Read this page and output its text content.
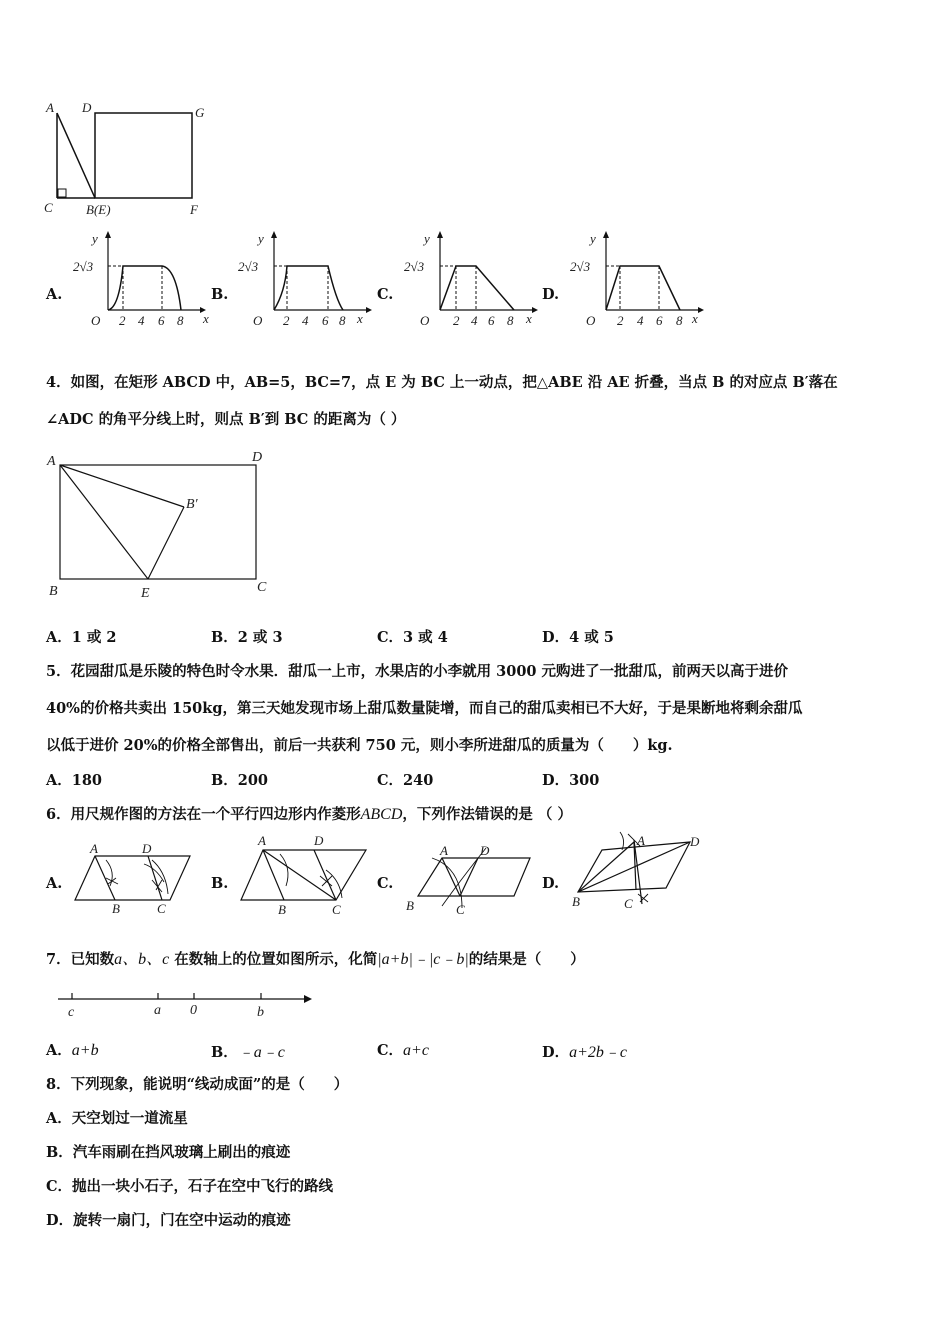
A D	G
C	B(E)	F
A.	B.	C.	D.
y
x
O
2√3
2 4 6 8
y
x
O
2√3
2 4 6 8
y
x
O
2√3
2 4 6 8
y
x
O
2√3
2 4 6 8
4．如图，在矩形 ABCD 中，AB=5，BC=7，点 E 为 BC 上一动点，把△ABE 沿 AE 折叠，当点 B 的对应点 B′落在
∠ADC 的角平分线上时，则点 B′到 BC 的距离为（ ）
A	D
B′
B	E	C
A．1 或 2	B．2 或 3	C．3 或 4	D．4 或 5
5．花园甜瓜是乐陵的特色时令水果．甜瓜一上市，水果店的小李就用 3000 元购进了一批甜瓜，前两天以高于进价
40%的价格共卖出 150kg，第三天她发现市场上甜瓜数量陡增，而自己的甜瓜卖相已不大好，于是果断地将剩余甜瓜
以低于进价 20%的价格全部售出，前后一共获利 750 元，则小李所进甜瓜的质量为（　　）kg.
A．180	B．200	C．240	D．300
6．用尺规作图的方法在一个平行四边形内作菱形ABCD，下列作法错误的是 （ ）
A.	B.	C.	D.
A	D
B	C
A	D
B	C
A D
B	C
A	D
B	C
7．已知数a、b、c 在数轴上的位置如图所示，化简|a+b|﹣|c﹣b|的结果是（　　）
c	a 0	b
A．a+b	B．﹣a﹣c	C．a+c	D．a+2b﹣c
8．下列现象，能说明“线动成面”的是（　　）
A．天空划过一道流星
B．汽车雨刷在挡风玻璃上刷出的痕迹
C．抛出一块小石子，石子在空中飞行的路线
D．旋转一扇门，门在空中运动的痕迹
